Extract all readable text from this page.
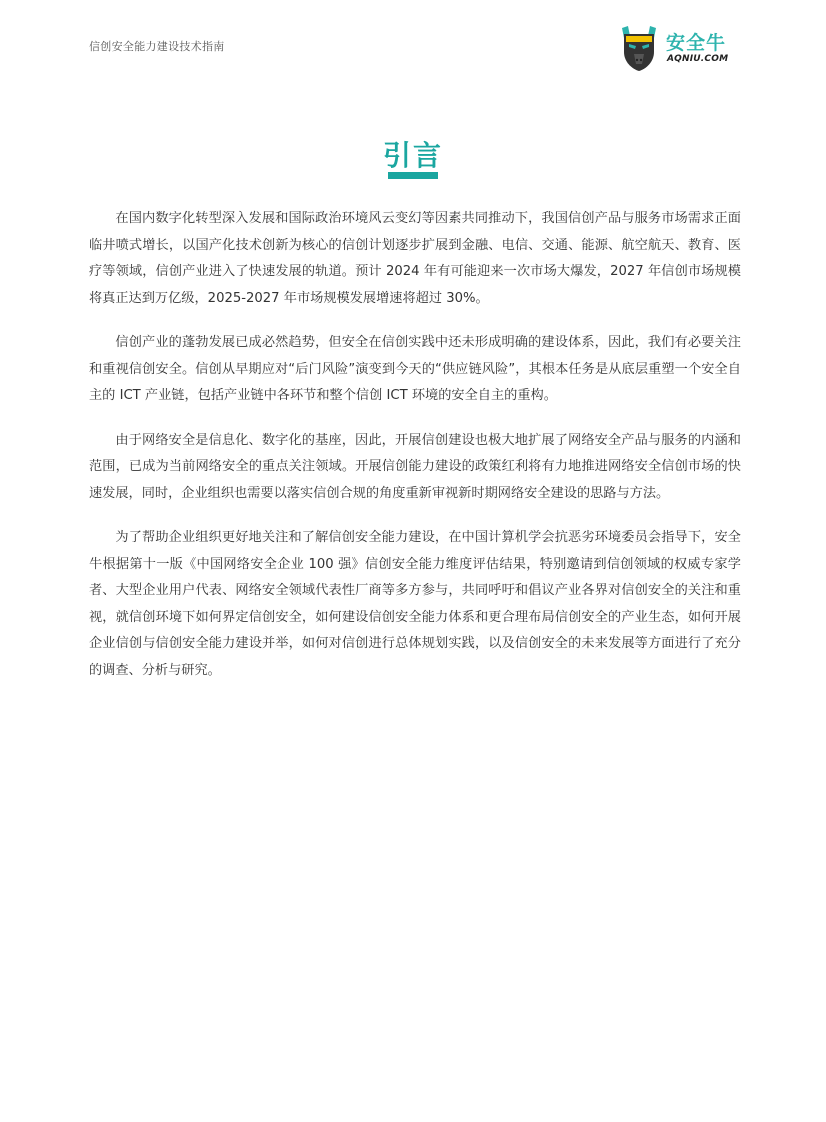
信创安全能力建设技术指南	安全牛
AQNIU.COM
引言

在国内数字化转型深入发展和国际政治环境风云变幻等因素共同推动下，我国信创产品与服务市场需求正面临井喷式增长，以国产化技术创新为核心的信创计划逐步扩展到金融、电信、交通、能源、航空航天、教育、医疗等领域，信创产业进入了快速发展的轨道。预计 2024 年有可能迎来一次市场大爆发，2027 年信创市场规模将真正达到万亿级，2025-2027 年市场规模发展增速将超过 30%。

信创产业的蓬勃发展已成必然趋势，但安全在信创实践中还未形成明确的建设体系，因此，我们有必要关注和重视信创安全。信创从早期应对“后门风险”演变到今天的“供应链风险”，其根本任务是从底层重塑一个安全自主的 ICT 产业链，包括产业链中各环节和整个信创 ICT 环境的安全自主的重构。

由于网络安全是信息化、数字化的基座，因此，开展信创建设也极大地扩展了网络安全产品与服务的内涵和范围，已成为当前网络安全的重点关注领域。开展信创能力建设的政策红利将有力地推进网络安全信创市场的快速发展，同时，企业组织也需要以落实信创合规的角度重新审视新时期网络安全建设的思路与方法。

为了帮助企业组织更好地关注和了解信创安全能力建设，在中国计算机学会抗恶劣环境委员会指导下，安全牛根据第十一版《中国网络安全企业 100 强》信创安全能力维度评估结果，特别邀请到信创领域的权威专家学者、大型企业用户代表、网络安全领域代表性厂商等多方参与，共同呼吁和倡议产业各界对信创安全的关注和重视，就信创环境下如何界定信创安全，如何建设信创安全能力体系和更合理布局信创安全的产业生态，如何开展企业信创与信创安全能力建设并举，如何对信创进行总体规划实践，以及信创安全的未来发展等方面进行了充分的调查、分析与研究。
